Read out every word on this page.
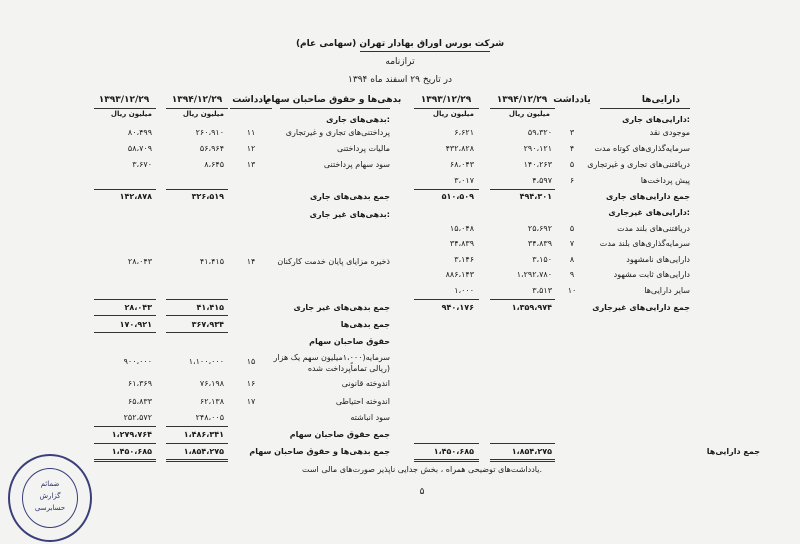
شرکت بورس اوراق بهادار تهران (سهامی عام)
ترازنامه
در تاریخ ۲۹ اسفند ماه ۱۳۹۴
دارایی‌ها
یادداشت
۱۳۹۴/۱۲/۲۹
۱۳۹۳/۱۲/۲۹
میلیون ریال
میلیون ریال
بدهی‌ها و حقوق صاحبان سهام
یادداشت
۱۳۹۴/۱۲/۲۹
۱۳۹۳/۱۲/۲۹
میلیون ریال
میلیون ریال
دارایی‌های جاری:
موجودی نقد
۳
۵۹،۳۲۰
۶،۶۲۱
سرمایه‌گذاری‌های کوتاه مدت
۴
۲۹۰،۱۲۱
۴۳۲،۸۲۸
دریافتنی‌های تجاری و غیرتجاری
۵
۱۴۰،۲۶۳
۶۸،۰۴۳
پیش پرداخت‌ها
۶
۴،۵۹۷
۳،۰۱۷
جمع دارایی‌های جاری
۴۹۴،۳۰۱
۵۱۰،۵۰۹
دارایی‌های غیرجاری:
دریافتنی‌های بلند مدت
۵
۲۵،۶۹۲
۱۵،۰۴۸
سرمایه‌گذاری‌های بلند مدت
۷
۳۴،۸۳۹
۳۴،۸۳۹
دارایی‌های نامشهود
۸
۳،۱۵۰
۳،۱۴۶
دارایی‌های ثابت مشهود
۹
۱،۲۹۲،۷۸۰
۸۸۶،۱۴۳
سایر دارایی‌ها
۱۰
۳،۵۱۳
۱،۰۰۰
جمع دارایی‌های غیرجاری
۱،۳۵۹،۹۷۴
۹۴۰،۱۷۶
جمع دارایی‌ها
۱،۸۵۴،۲۷۵
۱،۴۵۰،۶۸۵
بدهی‌های جاری:
پرداختنی‌های تجاری و غیرتجاری
۱۱
۲۶۰،۹۱۰
۸۰،۴۹۹
مالیات پرداختنی
۱۲
۵۶،۹۶۴
۵۸،۷۰۹
سود سهام پرداختنی
۱۳
۸،۶۴۵
۳،۶۷۰
جمع بدهی‌های جاری
۳۲۶،۵۱۹
۱۴۲،۸۷۸
بدهی‌های غیر جاری:
ذخیره مزایای پایان خدمت کارکنان
۱۴
۴۱،۴۱۵
۲۸،۰۴۳
جمع بدهی‌های غیر جاری
۴۱،۴۱۵
۲۸،۰۴۳
جمع بدهی‌ها
۳۶۷،۹۳۴
۱۷۰،۹۲۱
حقوق صاحبان سهام
سرمایه(۱،۰۰۰میلیون سهم یک هزار
ریالی تماماًپرداخت شده)
۱۵
۱،۱۰۰،۰۰۰
۹۰۰،۰۰۰
اندوخته قانونی
۱۶
۷۶،۱۹۸
۶۱،۳۶۹
اندوخته احتیاطی
۱۷
۶۲،۱۳۸
۶۵،۸۳۳
سود انباشته
۲۴۸،۰۰۵
۲۵۲،۵۷۲
جمع حقوق صاحبان سهام
۱،۴۸۶،۳۴۱
۱،۲۷۹،۷۶۴
جمع بدهی‌ها و حقوق صاحبان سهام
۱،۸۵۴،۲۷۵
۱،۴۵۰،۶۸۵
یادداشت‌های توضیحی همراه ، بخش جدایی ناپذیر صورت‌های مالی است.
۵
ضمائم
گزارش
حسابرسی
